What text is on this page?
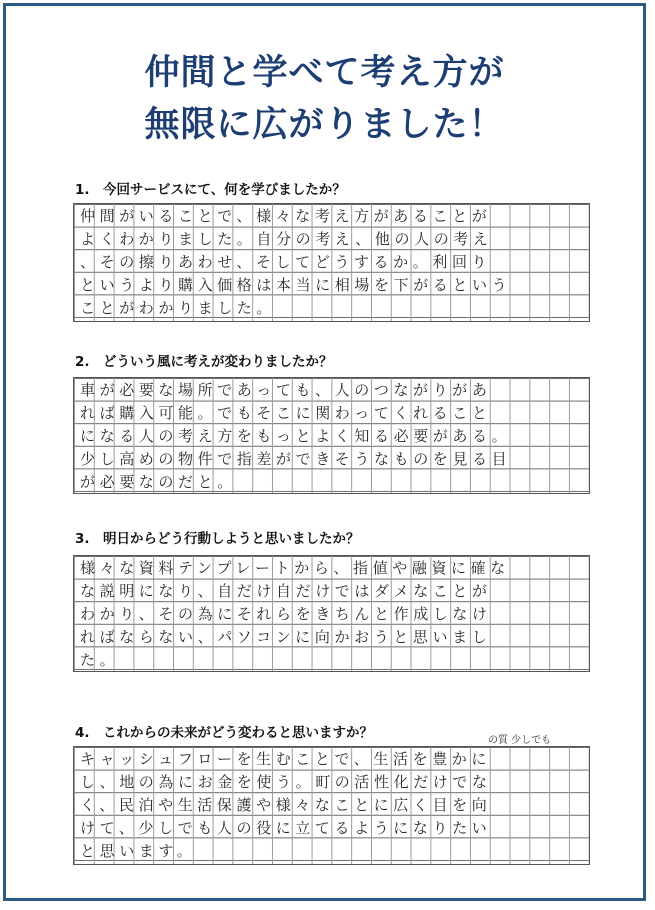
仲間と学べて考え方が
無限に広がりました！
1.　今回サービスにて、何を学びましたか？
仲間がいることで、様々な考え方があることが
よくわかりました。自分の考え、他の人の考え
、その擦りあわせ、そしてどうするか。利回り
というより購入価格は本当に相場を下がるという
ことがわかりました。
2.　どういう風に考えが変わりましたか？
車が必要な場所であっても、人のつながりがあ
れば購入可能。でもそこに関わってくれること
になる人の考え方をもっとよく知る必要がある。
少し高めの物件で指差ができそうなものを見る目
が必要なのだと。
3.　明日からどう行動しようと思いましたか？
様々な資料テンプレートから、指値や融資に確な
な説明になり、自だけ自だけではダメなことが
わかり、その為にそれらをきちんと作成しなけ
ればならない、パソコンに向かおうと思いまし
た。
4.　これからの未来がどう変わると思いますか？	の質 少しでも
キャッシュフローを生むことで、生活を豊かに
し、地の為にお金を使う。町の活性化だけでな
く、民泊や生活保護や様々なことに広く目を向
けて、少しでも人の役に立てるようになりたい
と思います。
